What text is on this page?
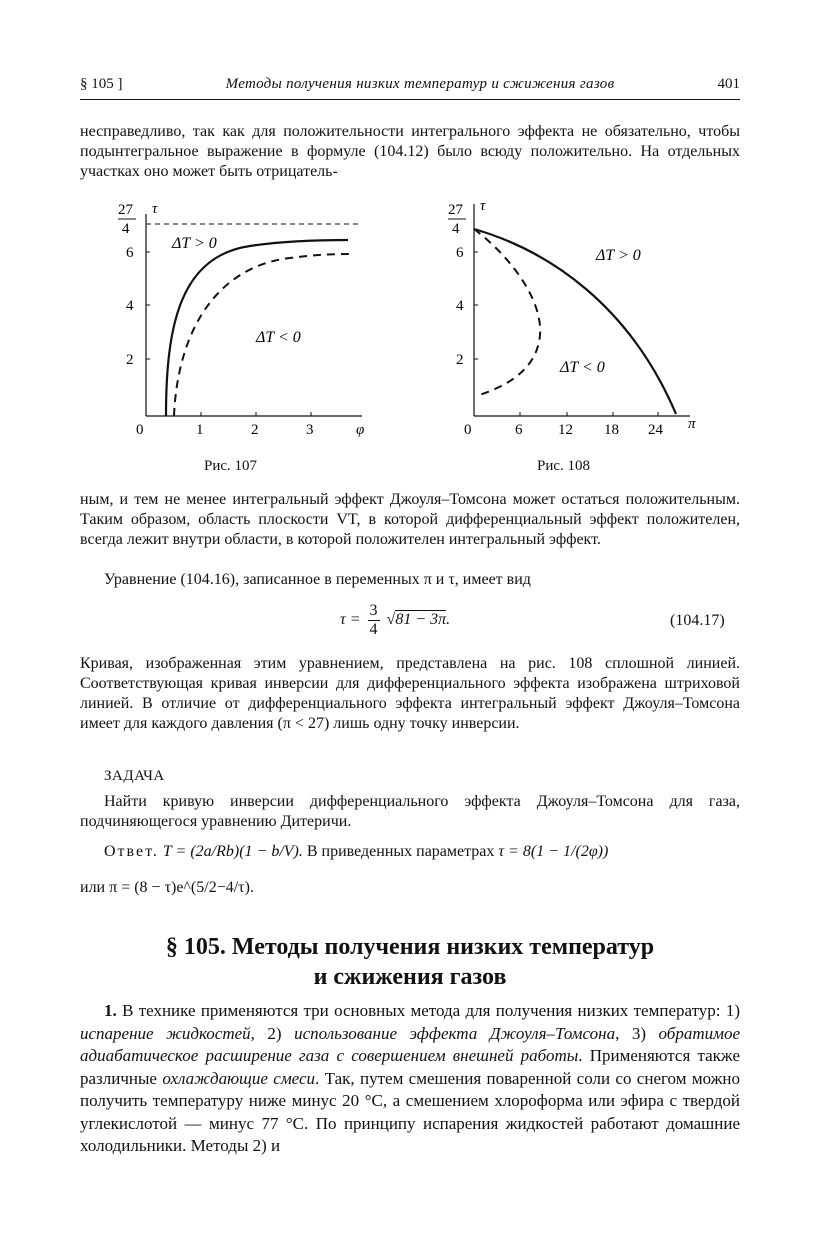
§ 105 ]	Методы получения низких температур и сжижения газов	401

несправедливо, так как для положительности интегрального эффекта не обязательно, чтобы подынтегральное выражение в формуле (104.12) было всюду положительно. На отдельных участках оно может быть отрицатель-

27
4
τ
φ
6
4
2
0	1	2	3
ΔT > 0
ΔT < 0
Рис. 107
27
4
τ
π
6
4
2
0	6 12 18 24
ΔT > 0
ΔT < 0
Рис. 108

ным, и тем не менее интегральный эффект Джоуля–Томсона может остаться положительным. Таким образом, область плоскости VT, в которой дифференциальный эффект положителен, всегда лежит внутри области, в которой положителен интегральный эффект.

Уравнение (104.16), записанное в переменных π и τ, имеет вид

$\tau = \frac{3}{4} √81 - 3\pi$.	(104.17)

Кривая, изображенная этим уравнением, представлена на рис. 108 сплошной линией. Соответствующая кривая инверсии для дифференциального эффекта изображена штриховой линией. В отличие от дифференциального эффекта интегральный эффект Джоуля–Томсона имеет для каждого давления (π < 27) лишь одну точку инверсии.

ЗАДАЧА

Найти кривую инверсии дифференциального эффекта Джоуля–Томсона для газа, подчиняющегося уравнению Дитеричи.

Ответ. T = (2a/Rb)(1 − b/V). В приведенных параметрах τ = 8(1 − 1/(2φ))

или π = (8 − τ)e^(5/2−4/τ).

§ 105. Методы получения низких температур

и сжижения газов

1. В технике применяются три основных метода для получения низких температур: 1) испарение жидкостей, 2) использование эффекта Джоуля–Томсона, 3) обратимое адиабатическое расширение газа с совершением внешней работы. Применяются также различные охлаждающие смеси. Так, путем смешения поваренной соли со снегом можно получить температуру ниже минус 20 °C, а смешением хлороформа или эфира с твердой углекислотой — минус 77 °C. По принципу испарения жидкостей работают домашние холодильники. Методы 2) и
